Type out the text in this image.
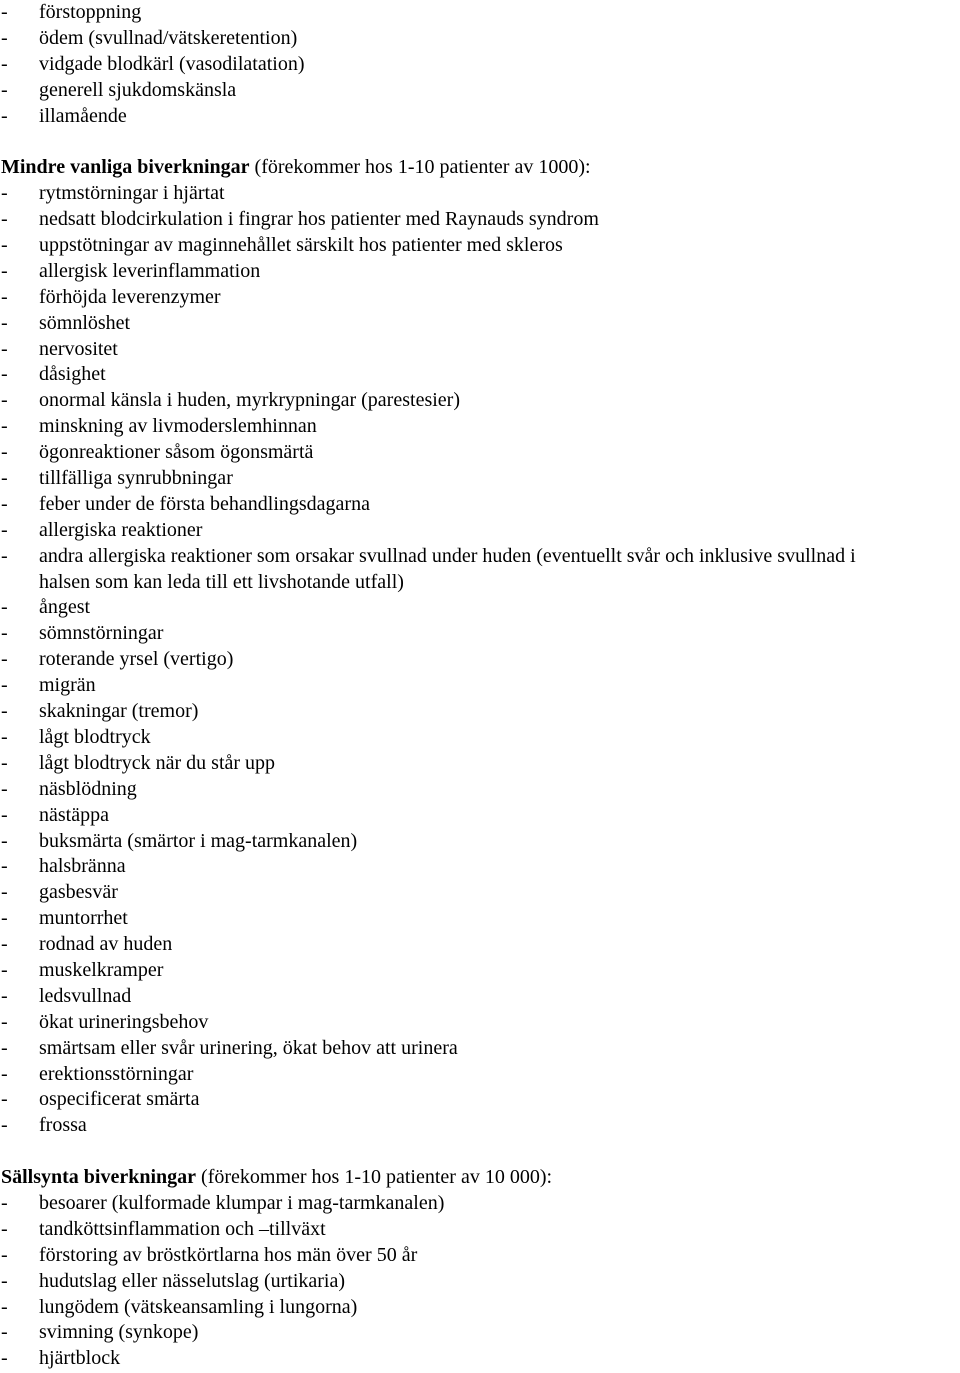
- förstoppning
- ödem (svullnad/vätskeretention)
- vidgade blodkärl (vasodilatation)
- generell sjukdomskänsla
- illamående
Mindre vanliga biverkningar (förekommer hos 1-10 patienter av 1000):
- rytmstörningar i hjärtat
- nedsatt blodcirkulation i fingrar hos patienter med Raynauds syndrom
- uppstötningar av maginnehållet särskilt hos patienter med skleros
- allergisk leverinflammation
- förhöjda leverenzymer
- sömnlöshet
- nervositet
- dåsighet
- onormal känsla i huden, myrkrypningar (parestesier)
- minskning av livmoderslemhinnan
- ögonreaktioner såsom ögonsmärtä
- tillfälliga synrubbningar
- feber under de första behandlingsdagarna
- allergiska reaktioner
- andra allergiska reaktioner som orsakar svullnad under huden (eventuellt svår och inklusive svullnad i
halsen som kan leda till ett livshotande utfall)
- ångest
- sömnstörningar
- roterande yrsel (vertigo)
- migrän
- skakningar (tremor)
- lågt blodtryck
- lågt blodtryck när du står upp
- näsblödning
- nästäppa
- buksmärta (smärtor i mag-tarmkanalen)
- halsbränna
- gasbesvär
- muntorrhet
- rodnad av huden
- muskelkramper
- ledsvullnad
- ökat urineringsbehov
- smärtsam eller svår urinering, ökat behov att urinera
- erektionsstörningar
- ospecificerat smärta
- frossa
Sällsynta biverkningar (förekommer hos 1-10 patienter av 10 000):
- besoarer (kulformade klumpar i mag-tarmkanalen)
- tandköttsinflammation och –tillväxt
- förstoring av bröstkörtlarna hos män över 50 år
- hudutslag eller nässelutslag (urtikaria)
- lungödem (vätskeansamling i lungorna)
- svimning (synkope)
- hjärtblock
